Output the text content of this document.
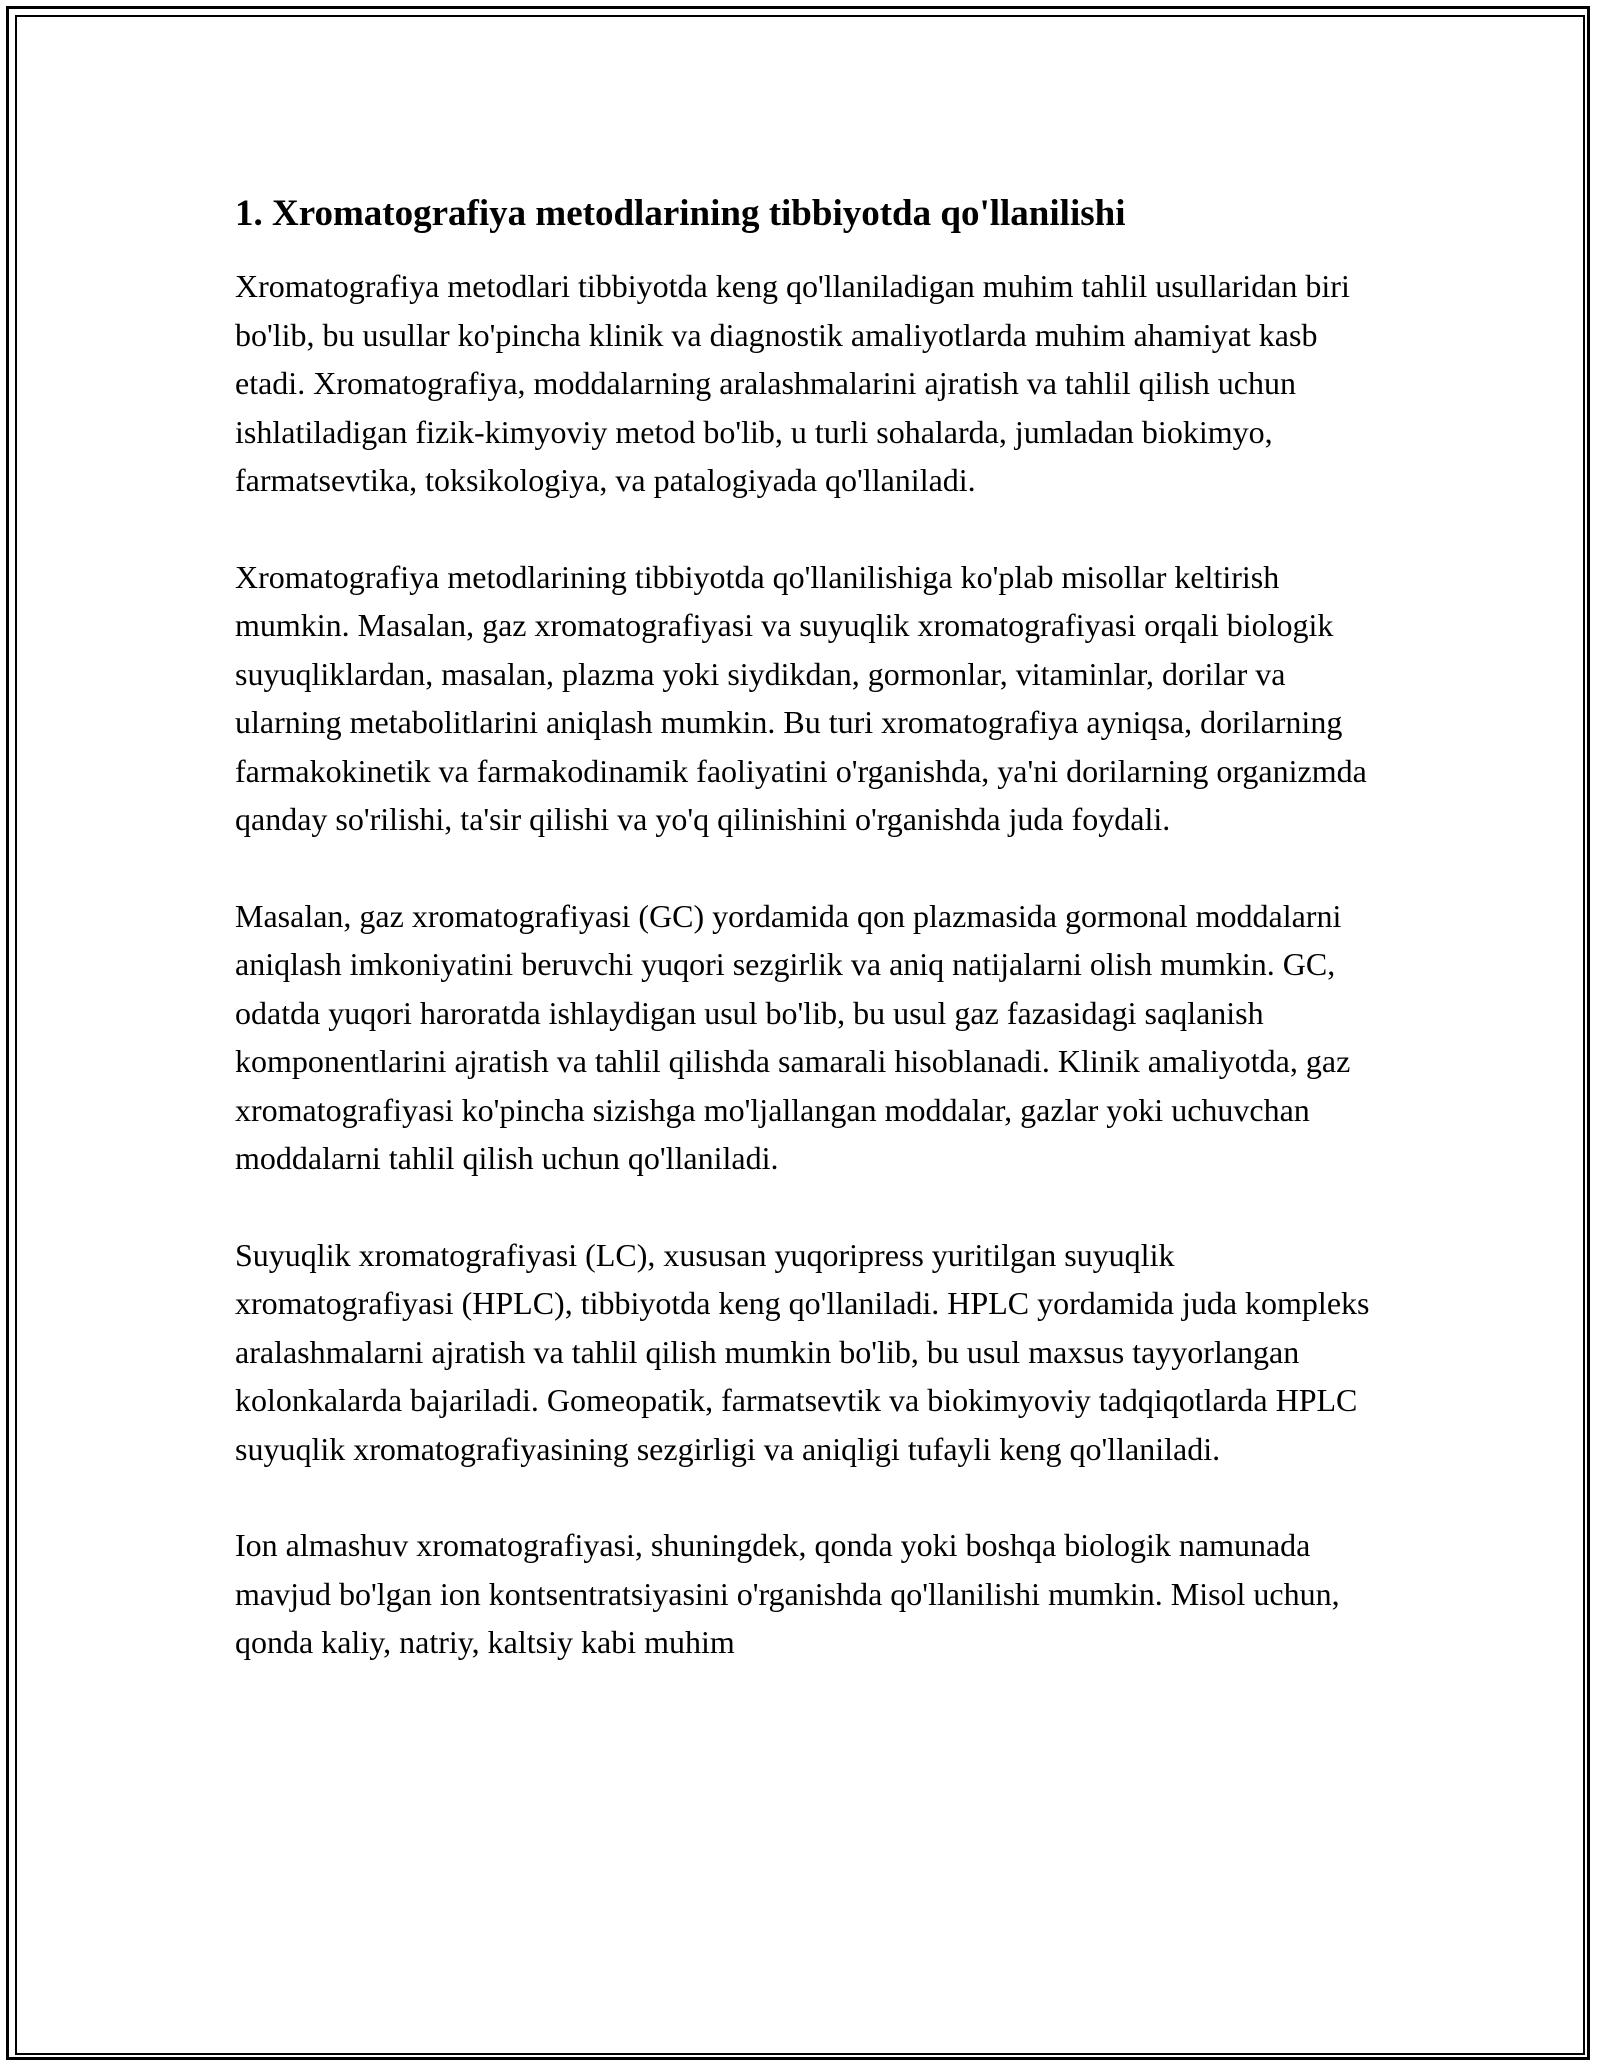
1. Xromatografiya metodlarining tibbiyotda qo'llanilishi

Xromatografiya metodlari tibbiyotda keng qo'llaniladigan muhim tahlil usullaridan biri bo'lib, bu usullar ko'pincha klinik va diagnostik amaliyotlarda muhim ahamiyat kasb etadi. Xromatografiya, moddalarning aralashmalarini ajratish va tahlil qilish uchun ishlatiladigan fizik-kimyoviy metod bo'lib, u turli sohalarda, jumladan biokimyo, farmatsevtika, toksikologiya, va patalogiyada qo'llaniladi.

Xromatografiya metodlarining tibbiyotda qo'llanilishiga ko'plab misollar keltirish mumkin. Masalan, gaz xromatografiyasi va suyuqlik xromatografiyasi orqali biologik suyuqliklardan, masalan, plazma yoki siydikdan, gormonlar, vitaminlar, dorilar va ularning metabolitlarini aniqlash mumkin. Bu turi xromatografiya ayniqsa, dorilarning farmakokinetik va farmakodinamik faoliyatini o'rganishda, ya'ni dorilarning organizmda qanday so'rilishi, ta'sir qilishi va yo'q qilinishini o'rganishda juda foydali.

Masalan, gaz xromatografiyasi (GC) yordamida qon plazmasida gormonal moddalarni aniqlash imkoniyatini beruvchi yuqori sezgirlik va aniq natijalarni olish mumkin. GC, odatda yuqori haroratda ishlaydigan usul bo'lib, bu usul gaz fazasidagi saqlanish komponentlarini ajratish va tahlil qilishda samarali hisoblanadi. Klinik amaliyotda, gaz xromatografiyasi ko'pincha sizishga mo'ljallangan moddalar, gazlar yoki uchuvchan moddalarni tahlil qilish uchun qo'llaniladi.

Suyuqlik xromatografiyasi (LC), xususan yuqoripress yuritilgan suyuqlik xromatografiyasi (HPLC), tibbiyotda keng qo'llaniladi. HPLC yordamida juda kompleks aralashmalarni ajratish va tahlil qilish mumkin bo'lib, bu usul maxsus tayyorlangan kolonkalarda bajariladi. Gomeopatik, farmatsevtik va biokimyoviy tadqiqotlarda HPLC suyuqlik xromatografiyasining sezgirligi va aniqligi tufayli keng qo'llaniladi.

Ion almashuv xromatografiyasi, shuningdek, qonda yoki boshqa biologik namunada mavjud bo'lgan ion kontsentratsiyasini o'rganishda qo'llanilishi mumkin. Misol uchun, qonda kaliy, natriy, kaltsiy kabi muhim
